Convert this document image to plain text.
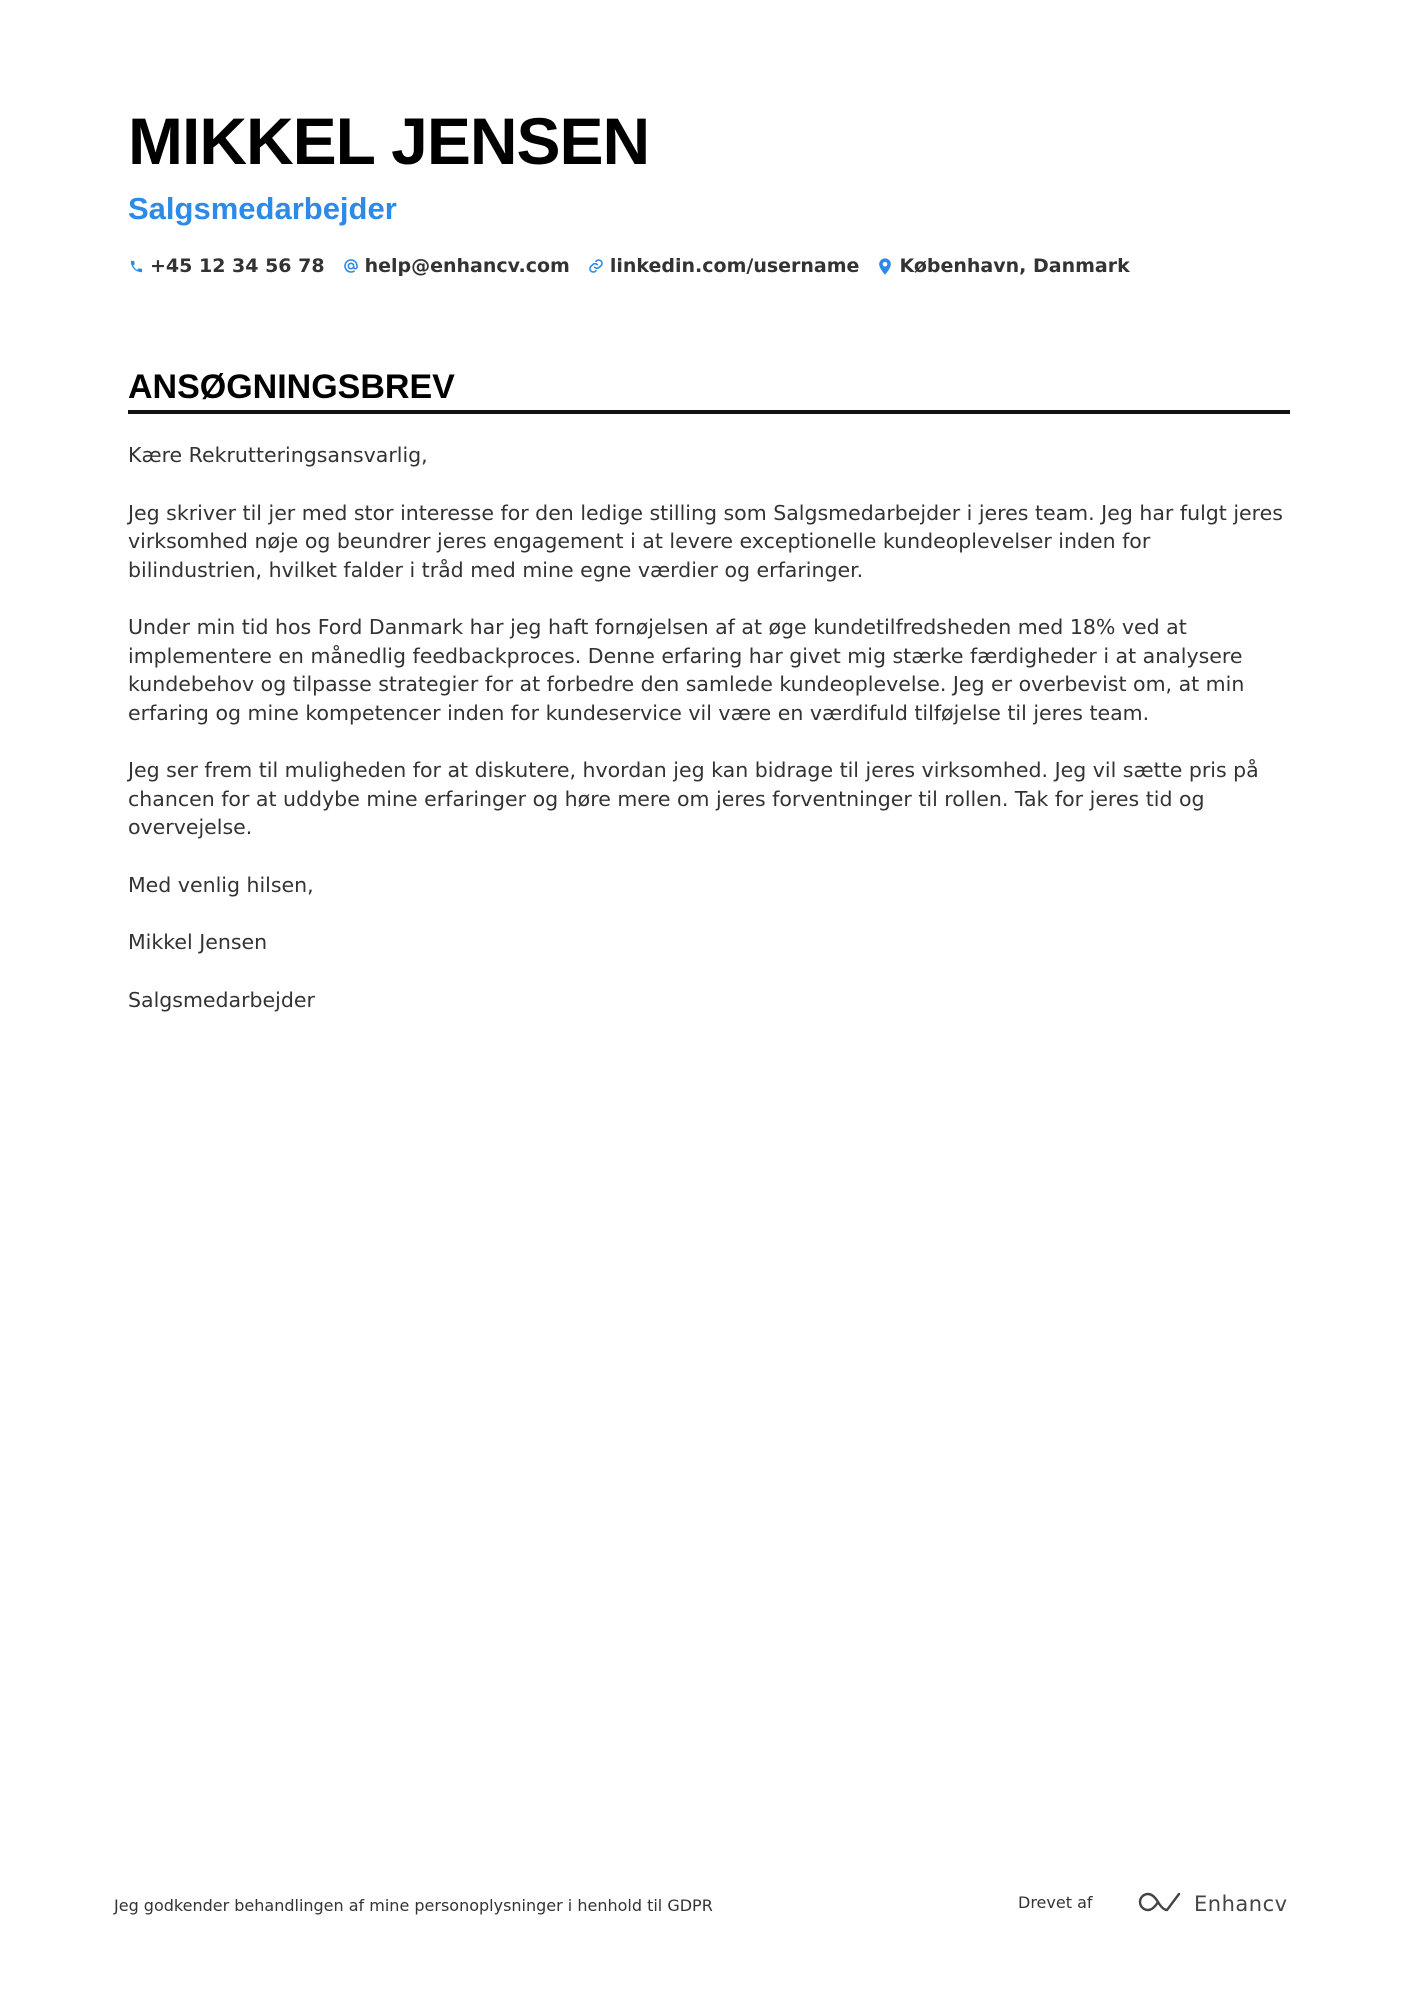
MIKKEL JENSEN
Salgsmedarbejder
+45 12 34 56 78 help@enhancv.com linkedin.com/username København, Danmark
ANSØGNINGSBREV

Kære Rekrutteringsansvarlig,

Jeg skriver til jer med stor interesse for den ledige stilling som Salgsmedarbejder i jeres team. Jeg har fulgt jeres virksomhed nøje og beundrer jeres engagement i at levere exceptionelle kundeoplevelser inden for bilindustrien, hvilket falder i tråd med mine egne værdier og erfaringer.

Under min tid hos Ford Danmark har jeg haft fornøjelsen af at øge kundetilfredsheden med 18% ved at implementere en månedlig feedbackproces. Denne erfaring har givet mig stærke færdigheder i at analysere kundebehov og tilpasse strategier for at forbedre den samlede kundeoplevelse. Jeg er overbevist om, at min erfaring og mine kompetencer inden for kundeservice vil være en værdifuld tilføjelse til jeres team.

Jeg ser frem til muligheden for at diskutere, hvordan jeg kan bidrage til jeres virksomhed. Jeg vil sætte pris på chancen for at uddybe mine erfaringer og høre mere om jeres forventninger til rollen. Tak for jeres tid og overvejelse.

Med venlig hilsen,

Mikkel Jensen

Salgsmedarbejder

Jeg godkender behandlingen af mine personoplysninger i henhold til GDPR	Drevet af	Enhancv
